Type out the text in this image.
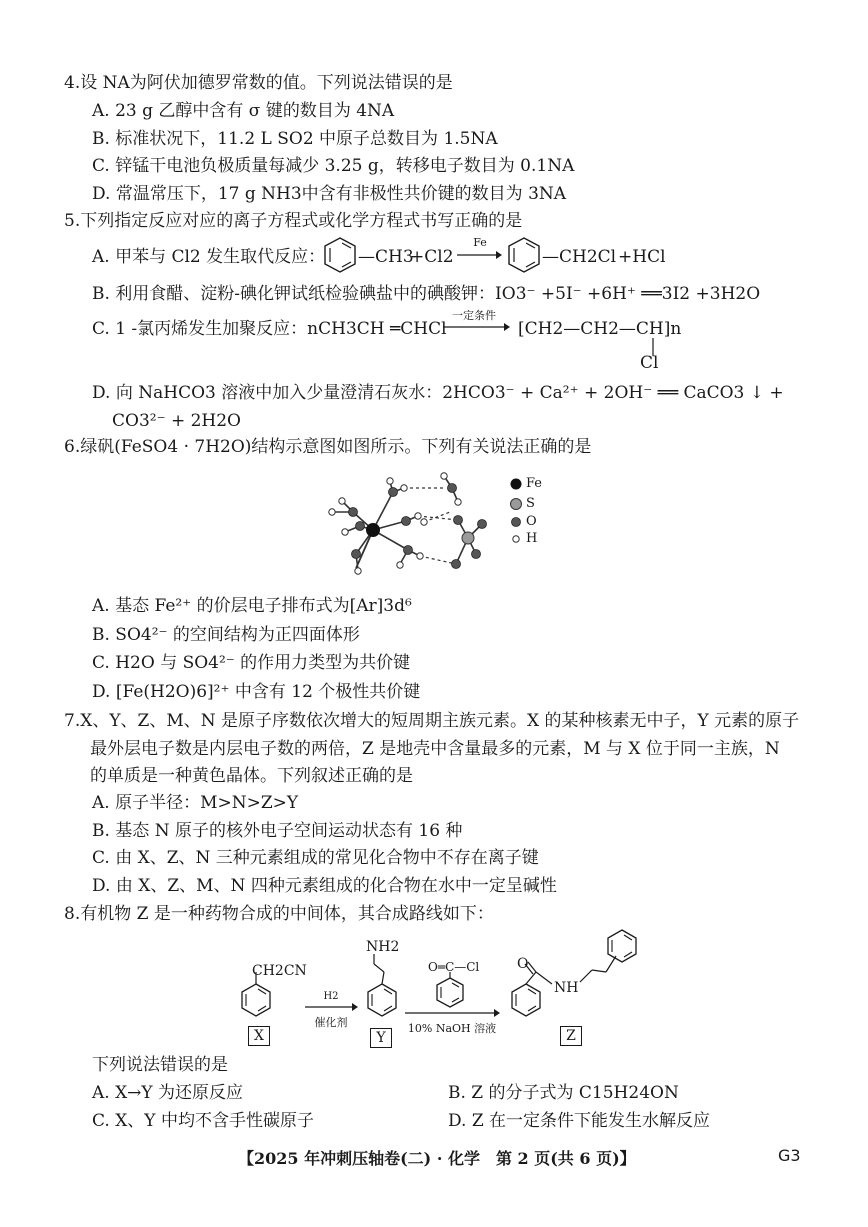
4.设 NA为阿伏加德罗常数的值。下列说法错误的是
A. 23 g 乙醇中含有 σ 键的数目为 4NA
B. 标准状况下，11.2 L SO2 中原子总数目为 1.5NA
C. 锌锰干电池负极质量每减少 3.25 g，转移电子数目为 0.1NA
D. 常温常压下，17 g NH3中含有非极性共价键的数目为 3NA
5.下列指定反应对应的离子方程式或化学方程式书写正确的是
A. 甲苯与 Cl2 发生取代反应： —CH3
+Cl2
Fe
—CH2Cl +HCl
B. 利用食醋、淀粉-碘化钾试纸检验碘盐中的碘酸钾：IO3⁻ +5I⁻ +6H⁺ ══3I2 +3H2O
C. 1 -氯丙烯发生加聚反应：nCH3CH ═CHCl
一定条件
→ [CH2—CH2—CH]n
Cl
D. 向 NaHCO3 溶液中加入少量澄清石灰水：2HCO3⁻ + Ca²⁺ + 2OH⁻ ══ CaCO3 ↓ +
CO3²⁻ + 2H2O
6.绿矾(FeSO4 · 7H2O)结构示意图如图所示。下列有关说法正确的是
Fe
S
O
H
A. 基态 Fe²⁺ 的价层电子排布式为[Ar]3d⁶
B. SO4²⁻ 的空间结构为正四面体形
C. H2O 与 SO4²⁻ 的作用力类型为共价键
D. [Fe(H2O)6]²⁺ 中含有 12 个极性共价键
7.X、Y、Z、M、N 是原子序数依次增大的短周期主族元素。X 的某种核素无中子，Y 元素的原子
最外层电子数是内层电子数的两倍，Z 是地壳中含量最多的元素，M 与 X 位于同一主族，N
的单质是一种黄色晶体。下列叙述正确的是
A. 原子半径：M>N>Z>Y
B. 基态 N 原子的核外电子空间运动状态有 16 种
C. 由 X、Z、N 三种元素组成的常见化合物中不存在离子键
D. 由 X、Z、M、N 四种元素组成的化合物在水中一定呈碱性
8.有机物 Z 是一种药物合成的中间体，其合成路线如下：
CH2CN
X
H2
催化剂
NH2
Y
O═C—Cl
10% NaOH 溶液
O
NH
Z
下列说法错误的是
A. X→Y 为还原反应	B. Z 的分子式为 C15H24ON
C. X、Y 中均不含手性碳原子	D. Z 在一定条件下能发生水解反应
【2025 年冲刺压轴卷(二) · 化学　第 2 页(共 6 页)】	G3
